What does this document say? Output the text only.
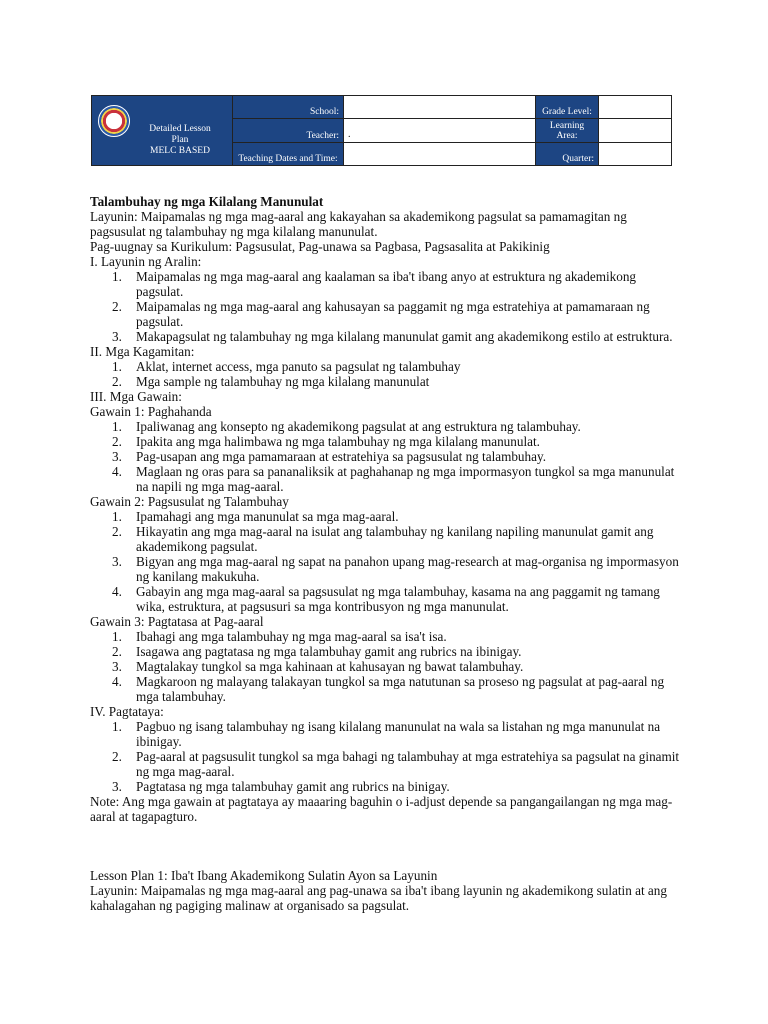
Detailed Lesson
Plan
MELC BASED	School:		Grade Level:	
	Teacher:	.	Learning Area:	
	Teaching Dates and Time:		Quarter:	

Talambuhay ng mga Kilalang Manunulat

Layunin: Maipamalas ng mga mag-aaral ang kakayahan sa akademikong pagsulat sa pamamagitan ng pagsusulat ng talambuhay ng mga kilalang manunulat.

Pag-uugnay sa Kurikulum: Pagsusulat, Pag-unawa sa Pagbasa, Pagsasalita at Pakikinig

I. Layunin ng Aralin:

1. Maipamalas ng mga mag-aaral ang kaalaman sa iba't ibang anyo at estruktura ng akademikong pagsulat.
2. Maipamalas ng mga mag-aaral ang kahusayan sa paggamit ng mga estratehiya at pamamaraan ng pagsulat.
3. Makapagsulat ng talambuhay ng mga kilalang manunulat gamit ang akademikong estilo at estruktura.

II. Mga Kagamitan:

1. Aklat, internet access, mga panuto sa pagsulat ng talambuhay
2. Mga sample ng talambuhay ng mga kilalang manunulat

III. Mga Gawain:

Gawain 1: Paghahanda

1. Ipaliwanag ang konsepto ng akademikong pagsulat at ang estruktura ng talambuhay.
2. Ipakita ang mga halimbawa ng mga talambuhay ng mga kilalang manunulat.
3. Pag-usapan ang mga pamamaraan at estratehiya sa pagsusulat ng talambuhay.
4. Maglaan ng oras para sa pananaliksik at paghahanap ng mga impormasyon tungkol sa mga manunulat na napili ng mga mag-aaral.

Gawain 2: Pagsusulat ng Talambuhay

1. Ipamahagi ang mga manunulat sa mga mag-aaral.
2. Hikayatin ang mga mag-aaral na isulat ang talambuhay ng kanilang napiling manunulat gamit ang akademikong pagsulat.
3. Bigyan ang mga mag-aaral ng sapat na panahon upang mag-research at mag-organisa ng impormasyon ng kanilang makukuha.
4. Gabayin ang mga mag-aaral sa pagsusulat ng mga talambuhay, kasama na ang paggamit ng tamang wika, estruktura, at pagsusuri sa mga kontribusyon ng mga manunulat.

Gawain 3: Pagtatasa at Pag-aaral

1. Ibahagi ang mga talambuhay ng mga mag-aaral sa isa't isa.
2. Isagawa ang pagtatasa ng mga talambuhay gamit ang rubrics na ibinigay.
3. Magtalakay tungkol sa mga kahinaan at kahusayan ng bawat talambuhay.
4. Magkaroon ng malayang talakayan tungkol sa mga natutunan sa proseso ng pagsulat at pag-aaral ng mga talambuhay.

IV. Pagtataya:

1. Pagbuo ng isang talambuhay ng isang kilalang manunulat na wala sa listahan ng mga manunulat na ibinigay.
2. Pag-aaral at pagsusulit tungkol sa mga bahagi ng talambuhay at mga estratehiya sa pagsulat na ginamit ng mga mag-aaral.
3. Pagtatasa ng mga talambuhay gamit ang rubrics na binigay.

Note: Ang mga gawain at pagtataya ay maaaring baguhin o i-adjust depende sa pangangailangan ng mga mag-aaral at tagapagturo.

Lesson Plan 1: Iba't Ibang Akademikong Sulatin Ayon sa Layunin

Layunin: Maipamalas ng mga mag-aaral ang pag-unawa sa iba't ibang layunin ng akademikong sulatin at ang kahalagahan ng pagiging malinaw at organisado sa pagsulat.
